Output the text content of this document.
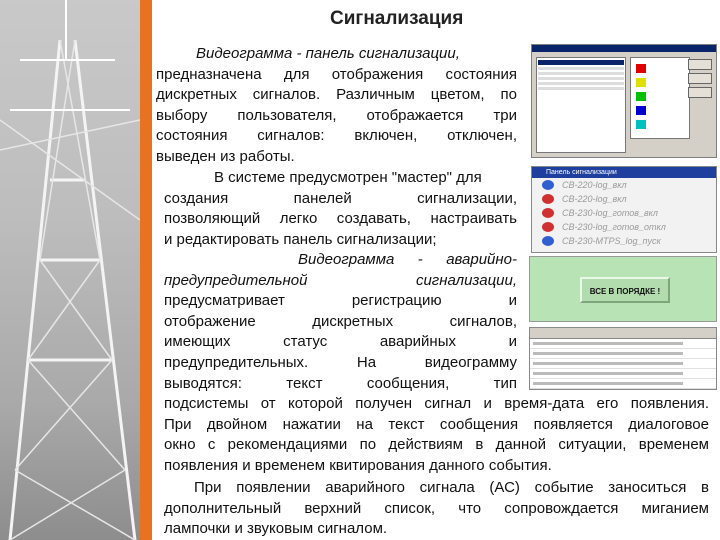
Сигнализация
Видеограмма - панель сигнализации,
предназначена для отображения состояния
дискретных сигналов. Различным цветом, по
выбору пользователя, отображается три
состояния сигналов: включен, отключен,
выведен из работы.
В системе предусмотрен "мастер" для
создания панелей сигнализации,
позволяющий легко создавать, настраивать
и редактировать панель сигнализации;
Видеограмма - аварийно-
предупредительной сигнализации,
предусматривает регистрацию и
отображение дискретных сигналов,
имеющих статус аварийных и
предупредительных. На видеограмму
выводятся: текст сообщения, тип
подсистемы от которой получен сигнал и время-дата его появления.
При двойном нажатии на текст сообщения появляется диалоговое
окно с рекомендациями по действиям в данной ситуации, временем
появления и временем квитирования данного события.
При появлении аварийного сигнала (АС) событие заноситься в
дополнительный верхний список, что сопровождается миганием
лампочки и звуковым сигналом.
Панель сигнализации
СВ-220-log_вкл
СВ-220-log_вкл
СВ-230-log_готов_вкл
СВ-230-log_готов_откл
СВ-230-MTPS_log_пуск
ВСЕ В ПОРЯДКЕ !
